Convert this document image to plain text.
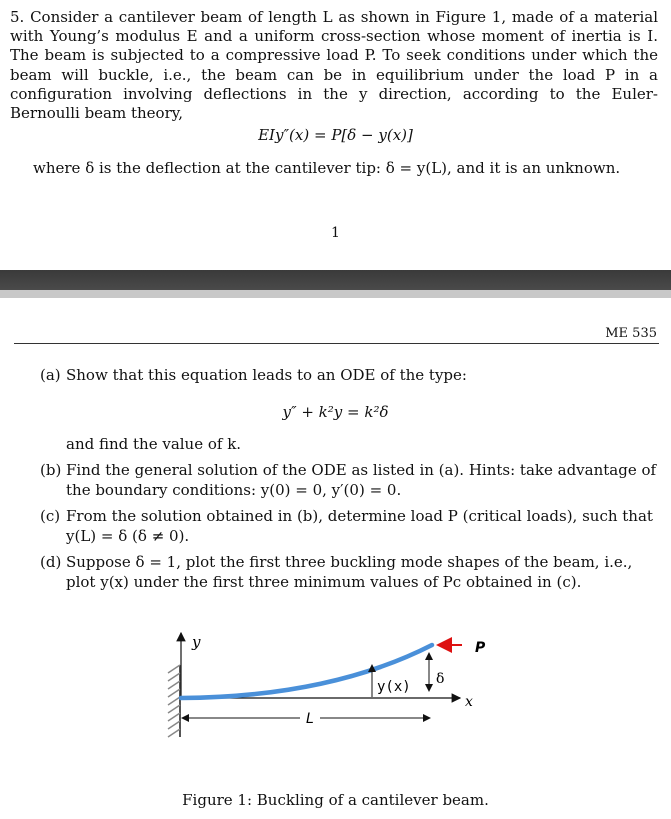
5. Consider a cantilever beam of length L as shown in Figure 1, made of a material with Young’s modulus E and a uniform cross-section whose moment of inertia is I. The beam is subjected to a compressive load P. To seek conditions under which the beam will buckle, i.e., the beam can be in equilibrium under the load P in a configuration involving deflections in the y direction, according to the Euler-Bernoulli beam theory,
EIy″(x) = P[δ − y(x)]
where δ is the deflection at the cantilever tip: δ = y(L), and it is an unknown.
1
ME 535
(a) Show that this equation leads to an ODE of the type:
y″ + k²y = k²δ
and find the value of k.
(b) Find the general solution of the ODE as listed in (a). Hints: take advantage of the boundary conditions: y(0) = 0, y′(0) = 0.
(c) From the solution obtained in (b), determine load P (critical loads), such that y(L) = δ (δ ≠ 0).
(d) Suppose δ = 1, plot the first three buckling mode shapes of the beam, i.e., plot y(x) under the first three minimum values of Pc obtained in (c).
y
x
P
δ
y(x)
L
Figure 1: Buckling of a cantilever beam.
